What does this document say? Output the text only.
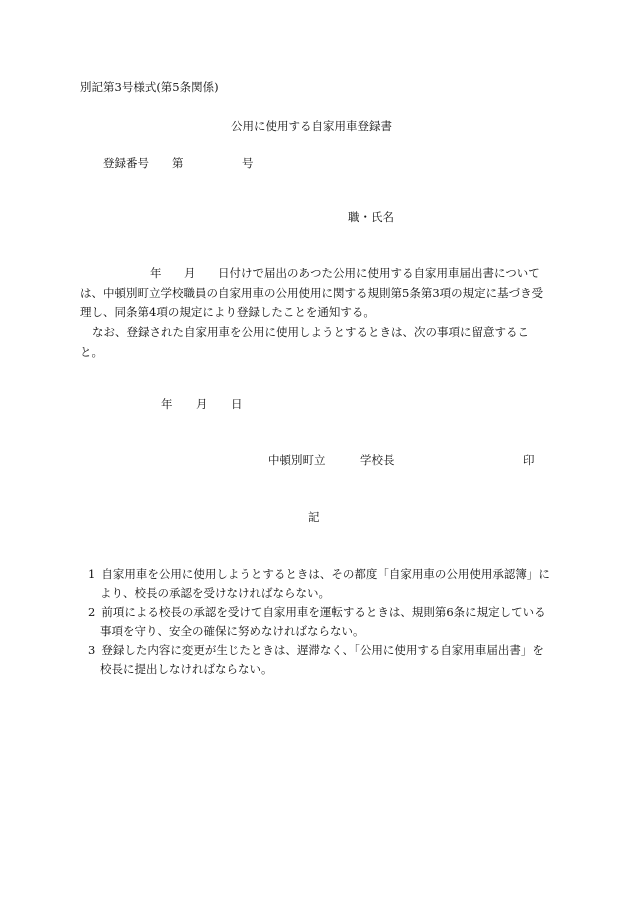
別記第3号様式(第5条関係)
公用に使用する自家用車登録書
登録番号 第	号
職・氏名
年 月	日付けで届出のあつた公用に使用する自家用車届出書については、中頓別町立学校職員の自家用車の公用使用に関する規則第5条第3項の規定に基づき受理し、同条第4項の規定により登録したことを通知する。
なお、登録された自家用車を公用に使用しようとするときは、次の事項に留意すること。
年 月 日
中頓別町立	学校長	印
記
1 自家用車を公用に使用しようとするときは、その都度「自家用車の公用使用承認簿」により、校長の承認を受けなければならない。
2 前項による校長の承認を受けて自家用車を運転するときは、規則第6条に規定している事項を守り、安全の確保に努めなければならない。
3 登録した内容に変更が生じたときは、遅滞なく、「公用に使用する自家用車届出書」を校長に提出しなければならない。
